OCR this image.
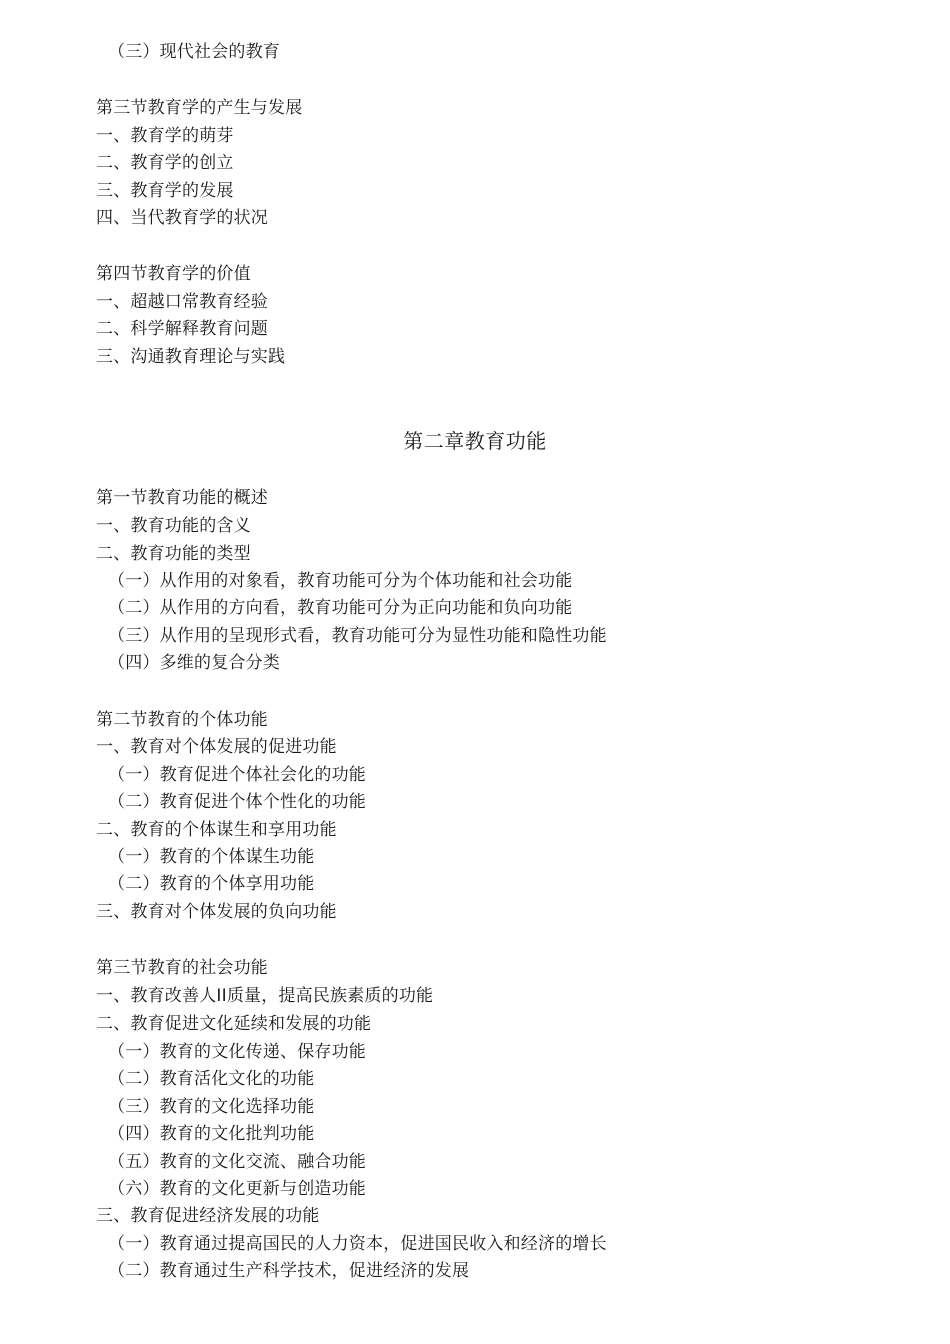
（三）现代社会的教育
第三节教育学的产生与发展
一、教育学的萌芽
二、教育学的创立
三、教育学的发展
四、当代教育学的状况
第四节教育学的价值
一、超越口常教育经验
二、科学解释教育问题
三、沟通教育理论与实践
第二章教育功能
第一节教育功能的概述
一、教育功能的含义
二、教育功能的类型
（一）从作用的对象看，教育功能可分为个体功能和社会功能
（二）从作用的方向看，教育功能可分为正向功能和负向功能
（三）从作用的呈现形式看，教育功能可分为显性功能和隐性功能
（四）多维的复合分类
第二节教育的个体功能
一、教育对个体发展的促进功能
（一）教育促进个体社会化的功能
（二）教育促进个体个性化的功能
二、教育的个体谋生和享用功能
（一）教育的个体谋生功能
（二）教育的个体享用功能
三、教育对个体发展的负向功能
第三节教育的社会功能
一、教育改善人II质量，提高民族素质的功能
二、教育促进文化延续和发展的功能
（一）教育的文化传递、保存功能
（二）教育活化文化的功能
（三）教育的文化选择功能
（四）教育的文化批判功能
（五）教育的文化交流、融合功能
（六）教育的文化更新与创造功能
三、教育促进经济发展的功能
（一）教育通过提高国民的人力资本，促进国民收入和经济的增长
（二）教育通过生产科学技术，促进经济的发展
